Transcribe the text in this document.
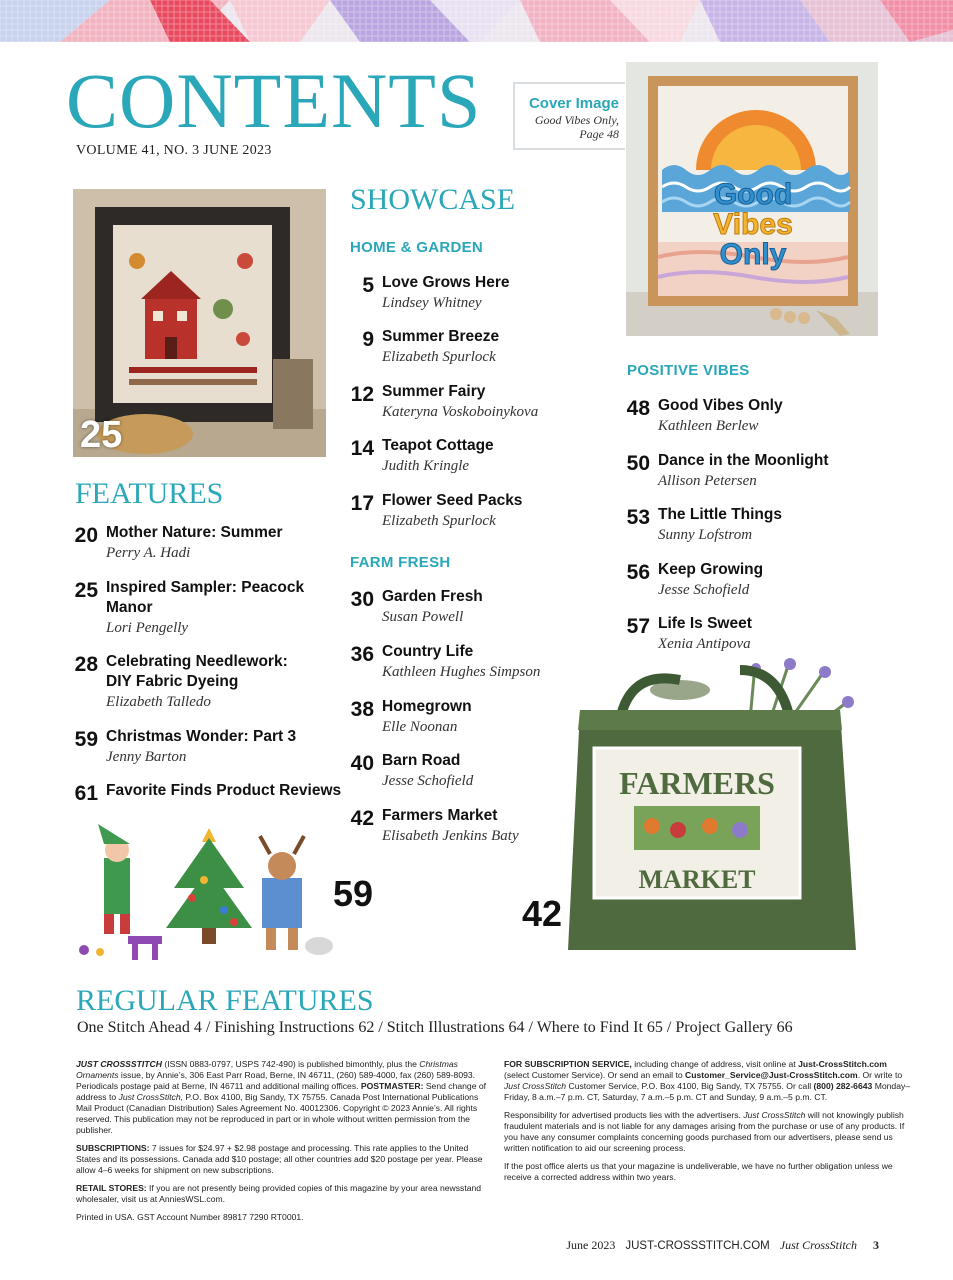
CONTENTS
VOLUME 41, NO. 3 JUNE 2023
Cover Image
Good Vibes Only,
Page 48
Good
Vibes
Only
25
FEATURES
20 Mother Nature: Summer
Perry A. Hadi
25 Inspired Sampler: Peacock
Manor
Lori Pengelly
28 Celebrating Needlework:
DIY Fabric Dyeing
Elizabeth Talledo
59 Christmas Wonder: Part 3
Jenny Barton
61 Favorite Finds Product Reviews
59
SHOWCASE
HOME & GARDEN
5 Love Grows Here
Lindsey Whitney
9 Summer Breeze
Elizabeth Spurlock
12 Summer Fairy
Kateryna Voskoboinykova
14 Teapot Cottage
Judith Kringle
17 Flower Seed Packs
Elizabeth Spurlock
FARM FRESH
30 Garden Fresh
Susan Powell
36 Country Life
Kathleen Hughes Simpson
38 Homegrown
Elle Noonan
40 Barn Road
Jesse Schofield
42 Farmers Market
Elisabeth Jenkins Baty
POSITIVE VIBES
48 Good Vibes Only
Kathleen Berlew
50 Dance in the Moonlight
Allison Petersen
53 The Little Things
Sunny Lofstrom
56 Keep Growing
Jesse Schofield
57 Life Is Sweet
Xenia Antipova
FARMERS
MARKET
42
REGULAR FEATURES
One Stitch Ahead 4 / Finishing Instructions 62 / Stitch Illustrations 64 / Where to Find It 65 / Project Gallery 66

JUST CROSSSTITCH (ISSN 0883-0797, USPS 742-490) is published bimonthly, plus the Christmas Ornaments issue, by Annie’s, 306 East Parr Road, Berne, IN 46711, (260) 589-4000, fax (260) 589-8093. Periodicals postage paid at Berne, IN 46711 and additional mailing offices. POSTMASTER: Send change of address to Just CrossStitch, P.O. Box 4100, Big Sandy, TX 75755. Canada Post International Publications Mail Product (Canadian Distribution) Sales Agreement No. 40012306. Copyright © 2023 Annie’s. All rights reserved. This publication may not be reproduced in part or in whole without written permission from the publisher.

SUBSCRIPTIONS: 7 issues for $24.97 + $2.98 postage and processing. This rate applies to the United States and its possessions. Canada add $10 postage; all other countries add $20 postage per year. Please allow 4–6 weeks for shipment on new subscriptions.

RETAIL STORES: If you are not presently being provided copies of this magazine by your area newsstand wholesaler, visit us at AnniesWSL.com.

Printed in USA. GST Account Number 89817 7290 RT0001.

FOR SUBSCRIPTION SERVICE, including change of address, visit online at Just-CrossStitch.com (select Customer Service). Or send an email to Customer_Service@Just-CrossStitch.com. Or write to Just CrossStitch Customer Service, P.O. Box 4100, Big Sandy, TX 75755. Or call (800) 282-6643 Monday–Friday, 8 a.m.–7 p.m. CT, Saturday, 7 a.m.–5 p.m. CT and Sunday, 9 a.m.–5 p.m. CT.

Responsibility for advertised products lies with the advertisers. Just CrossStitch will not knowingly publish fraudulent materials and is not liable for any damages arising from the purchase or use of any products. If you have any consumer complaints concerning goods purchased from our advertisers, please send us written notification to aid our screening process.

If the post office alerts us that your magazine is undeliverable, we have no further obligation unless we receive a corrected address within two years.

June 2023 JUST-CROSSSTITCH.COM Just CrossStitch 3
